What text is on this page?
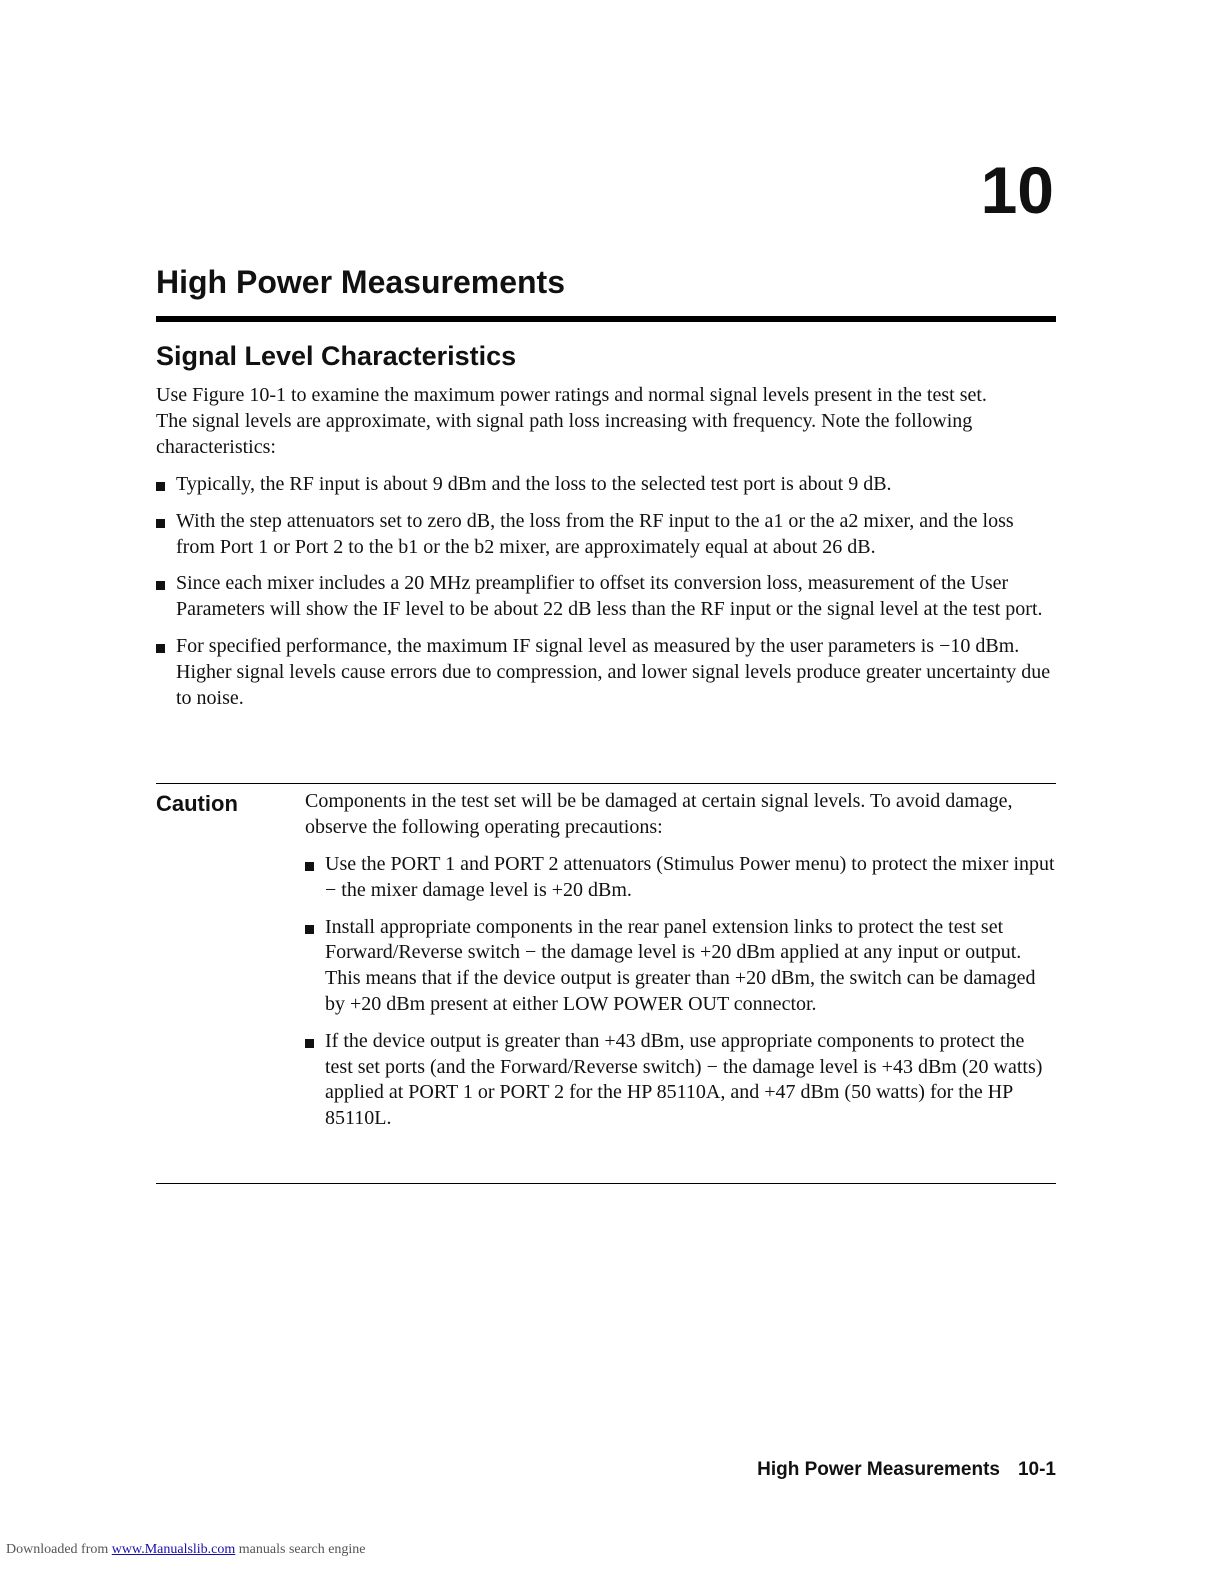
10
High Power Measurements
Signal Level Characteristics

Use Figure 10-1 to examine the maximum power ratings and normal signal levels present in the test set. The signal levels are approximate, with signal path loss increasing with frequency. Note the following characteristics:

Typically, the RF input is about 9 dBm and the loss to the selected test port is about 9 dB.
With the step attenuators set to zero dB, the loss from the RF input to the a1 or the a2 mixer, and the loss from Port 1 or Port 2 to the b1 or the b2 mixer, are approximately equal at about 26 dB.
Since each mixer includes a 20 MHz preamplifier to offset its conversion loss, measurement of the User Parameters will show the IF level to be about 22 dB less than the RF input or the signal level at the test port.
For specified performance, the maximum IF signal level as measured by the user parameters is −10 dBm. Higher signal levels cause errors due to compression, and lower signal levels produce greater uncertainty due to noise.
Caution	Components in the test set will be be damaged at certain signal levels. To avoid damage, observe the following operating precautions:

Use the PORT 1 and PORT 2 attenuators (Stimulus Power menu) to protect the mixer input − the mixer damage level is +20 dBm.
Install appropriate components in the rear panel extension links to protect the test set Forward/Reverse switch − the damage level is +20 dBm applied at any input or output. This means that if the device output is greater than +20 dBm, the switch can be damaged by +20 dBm present at either LOW POWER OUT connector.
If the device output is greater than +43 dBm, use appropriate components to protect the test set ports (and the Forward/Reverse switch) − the damage level is +43 dBm (20 watts) applied at PORT 1 or PORT 2 for the HP 85110A, and +47 dBm (50 watts) for the HP 85110L.
High Power Measurements 10-1
Downloaded from www.Manualslib.com manuals search engine
